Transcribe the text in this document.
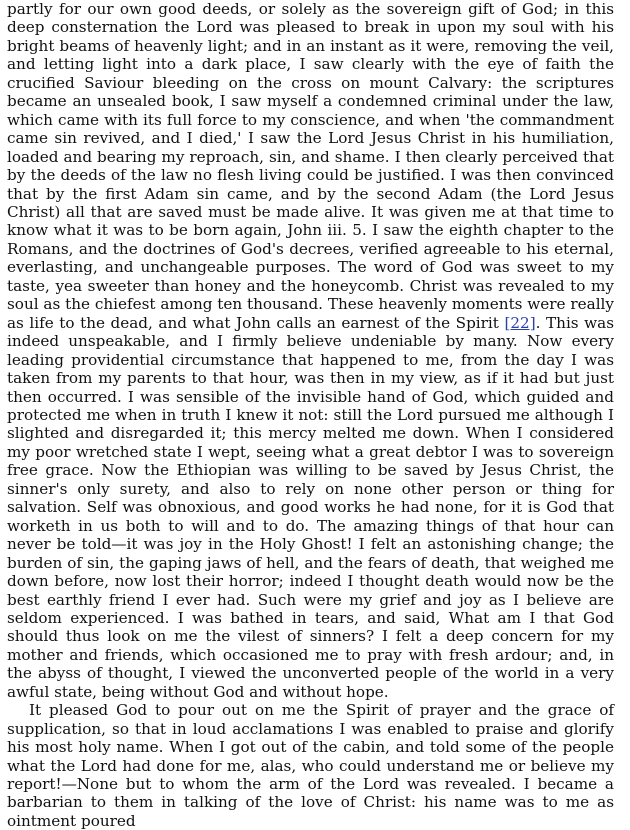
partly for our own good deeds, or solely as the sovereign gift of God; in this deep consternation the Lord was pleased to break in upon my soul with his bright beams of heavenly light; and in an instant as it were, removing the veil, and letting light into a dark place, I saw clearly with the eye of faith the crucified Saviour bleeding on the cross on mount Calvary: the scriptures became an unsealed book, I saw myself a condemned criminal under the law, which came with its full force to my conscience, and when 'the commandment came sin revived, and I died,' I saw the Lord Jesus Christ in his humiliation, loaded and bearing my reproach, sin, and shame. I then clearly perceived that by the deeds of the law no flesh living could be justified. I was then convinced that by the first Adam sin came, and by the second Adam (the Lord Jesus Christ) all that are saved must be made alive. It was given me at that time to know what it was to be born again, John iii. 5. I saw the eighth chapter to the Romans, and the doctrines of God's decrees, verified agreeable to his eternal, everlasting, and unchangeable purposes. The word of God was sweet to my taste, yea sweeter than honey and the honeycomb. Christ was revealed to my soul as the chiefest among ten thousand. These heavenly moments were really as life to the dead, and what John calls an earnest of the Spirit [22]. This was indeed unspeakable, and I firmly believe undeniable by many. Now every leading providential circumstance that happened to me, from the day I was taken from my parents to that hour, was then in my view, as if it had but just then occurred. I was sensible of the invisible hand of God, which guided and protected me when in truth I knew it not: still the Lord pursued me although I slighted and disregarded it; this mercy melted me down. When I considered my poor wretched state I wept, seeing what a great debtor I was to sovereign free grace. Now the Ethiopian was willing to be saved by Jesus Christ, the sinner's only surety, and also to rely on none other person or thing for salvation. Self was obnoxious, and good works he had none, for it is God that worketh in us both to will and to do. The amazing things of that hour can never be told—it was joy in the Holy Ghost! I felt an astonishing change; the burden of sin, the gaping jaws of hell, and the fears of death, that weighed me down before, now lost their horror; indeed I thought death would now be the best earthly friend I ever had. Such were my grief and joy as I believe are seldom experienced. I was bathed in tears, and said, What am I that God should thus look on me the vilest of sinners? I felt a deep concern for my mother and friends, which occasioned me to pray with fresh ardour; and, in the abyss of thought, I viewed the unconverted people of the world in a very awful state, being without God and without hope.

It pleased God to pour out on me the Spirit of prayer and the grace of supplication, so that in loud acclamations I was enabled to praise and glorify his most holy name. When I got out of the cabin, and told some of the people what the Lord had done for me, alas, who could understand me or believe my report!—None but to whom the arm of the Lord was revealed. I became a barbarian to them in talking of the love of Christ: his name was to me as ointment poured
